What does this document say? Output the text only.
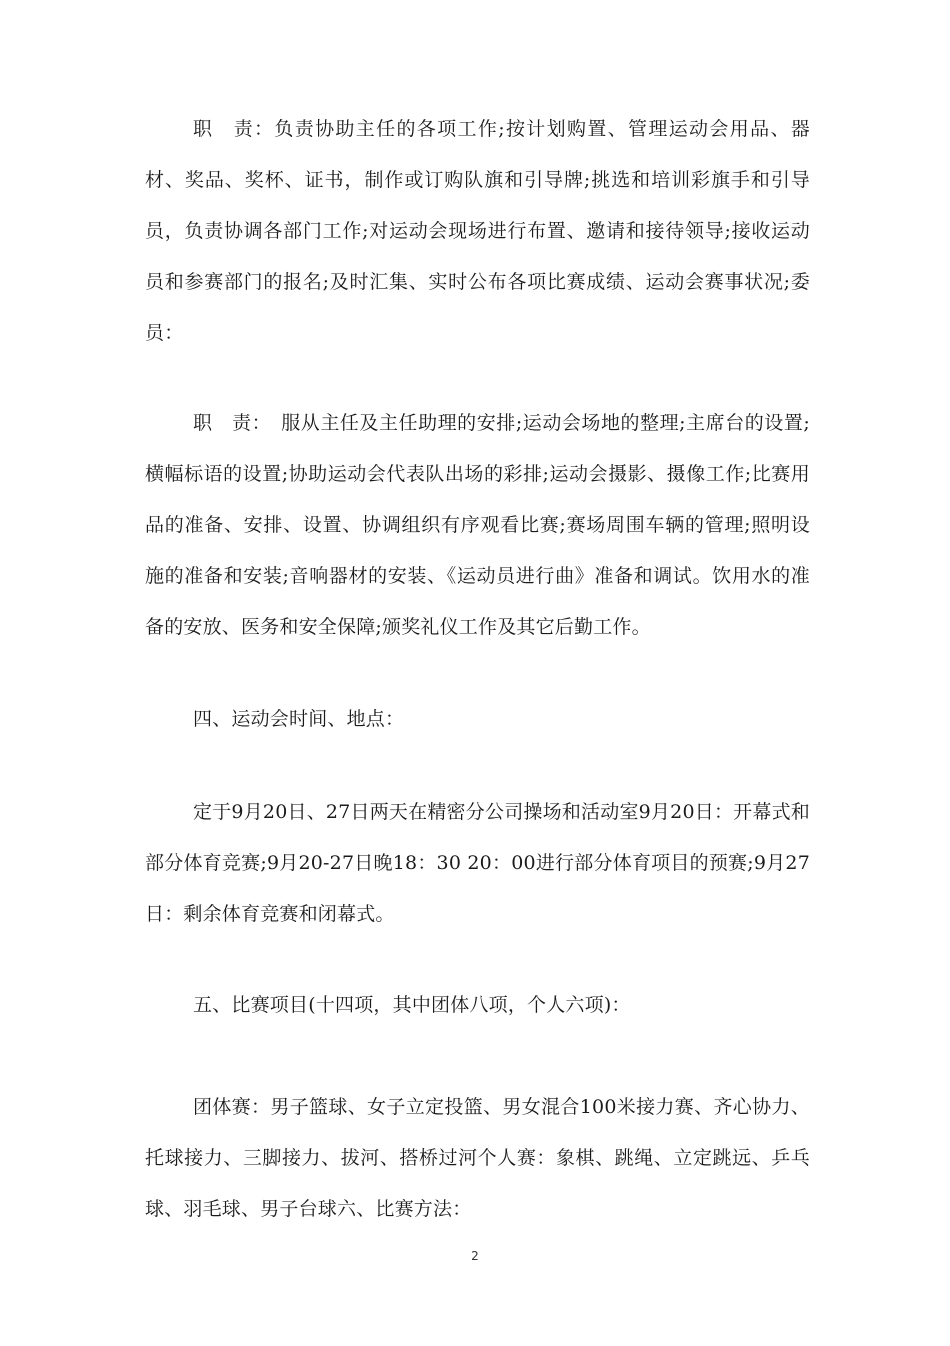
职　责：负责协助主任的各项工作;按计划购置、管理运动会用品、器材、奖品、奖杯、证书，制作或订购队旗和引导牌;挑选和培训彩旗手和引导员，负责协调各部门工作;对运动会现场进行布置、邀请和接待领导;接收运动员和参赛部门的报名;及时汇集、实时公布各项比赛成绩、运动会赛事状况;委　员：

职　责：　服从主任及主任助理的安排;运动会场地的整理;主席台的设置;横幅标语的设置;协助运动会代表队出场的彩排;运动会摄影、摄像工作;比赛用品的准备、安排、设置、协调组织有序观看比赛;赛场周围车辆的管理;照明设施的准备和安装;音响器材的安装、《运动员进行曲》准备和调试。饮用水的准备的安放、医务和安全保障;颁奖礼仪工作及其它后勤工作。

四、运动会时间、地点：

定于9月20日、27日两天在精密分公司操场和活动室9月20日：开幕式和部分体育竞赛;9月20-27日晚18：30 20：00进行部分体育项目的预赛;9月27日：剩余体育竞赛和闭幕式。

五、比赛项目(十四项，其中团体八项，个人六项)：

团体赛：男子篮球、女子立定投篮、男女混合100米接力赛、齐心协力、托球接力、三脚接力、拔河、搭桥过河个人赛：象棋、跳绳、立定跳远、乒乓球、羽毛球、男子台球六、比赛方法：

2
